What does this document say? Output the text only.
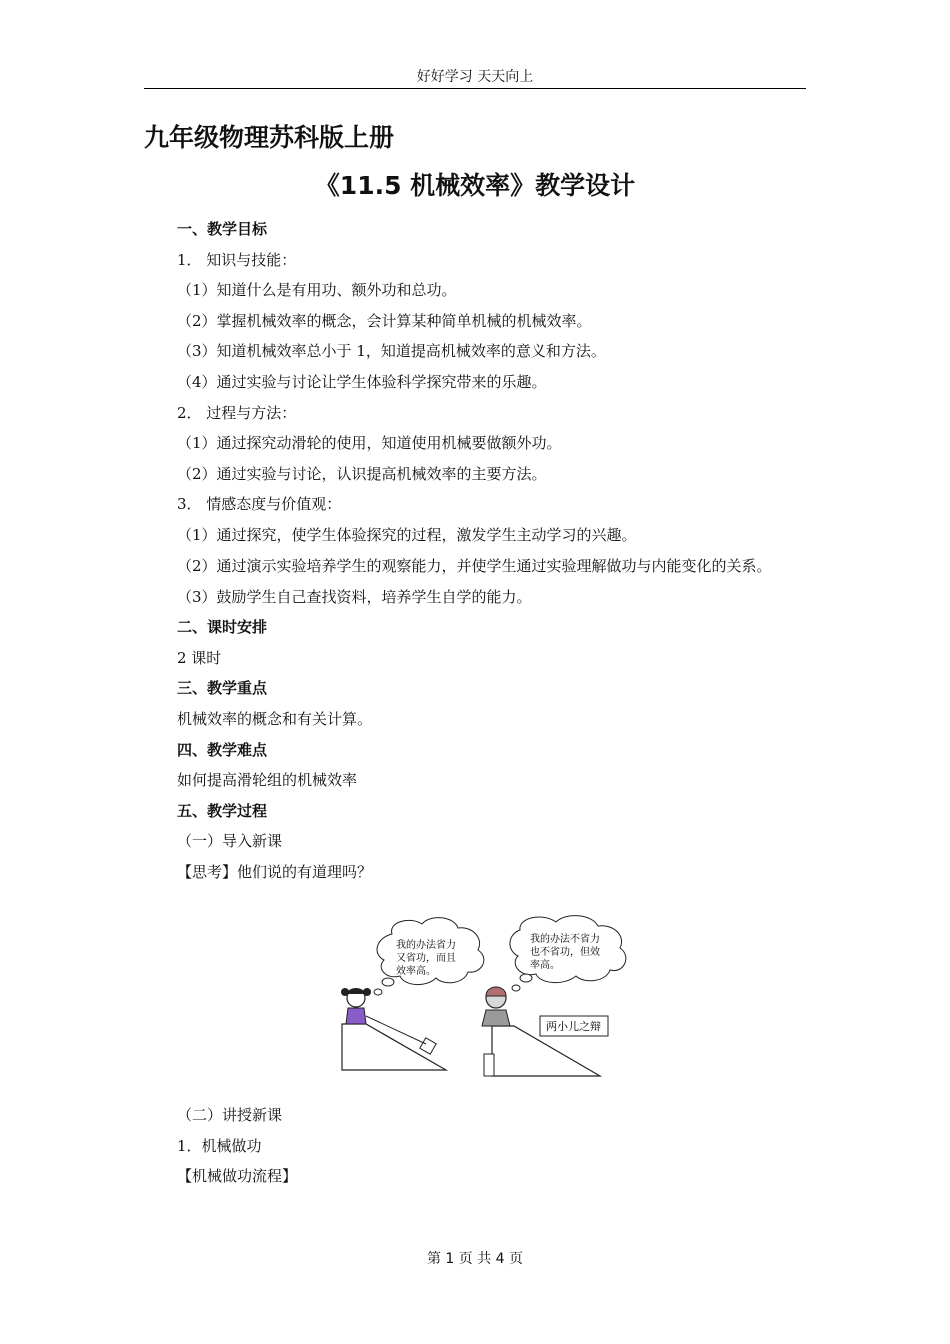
好好学习 天天向上
九年级物理苏科版上册
《11.5 机械效率》教学设计
一、教学目标
1． 知识与技能：
（1）知道什么是有用功、额外功和总功。
（2）掌握机械效率的概念，会计算某种简单机械的机械效率。
（3）知道机械效率总小于 1，知道提高机械效率的意义和方法。
（4）通过实验与讨论让学生体验科学探究带来的乐趣。
2． 过程与方法：
（1）通过探究动滑轮的使用，知道使用机械要做额外功。
（2）通过实验与讨论，认识提高机械效率的主要方法。
3． 情感态度与价值观：
（1）通过探究，使学生体验探究的过程，激发学生主动学习的兴趣。
（2）通过演示实验培养学生的观察能力，并使学生通过实验理解做功与内能变化的关系。
（3）鼓励学生自己查找资料，培养学生自学的能力。
二、课时安排
2 课时
三、教学重点
机械效率的概念和有关计算。
四、教学难点
如何提高滑轮组的机械效率
五、教学过程
（一）导入新课
【思考】他们说的有道理吗？
我的办法省力
又省功，而且
效率高。
我的办法不省力
也不省功，但效
率高。
两小儿之辩
（二）讲授新课
1．机械做功
【机械做功流程】
第 1 页 共 4 页
